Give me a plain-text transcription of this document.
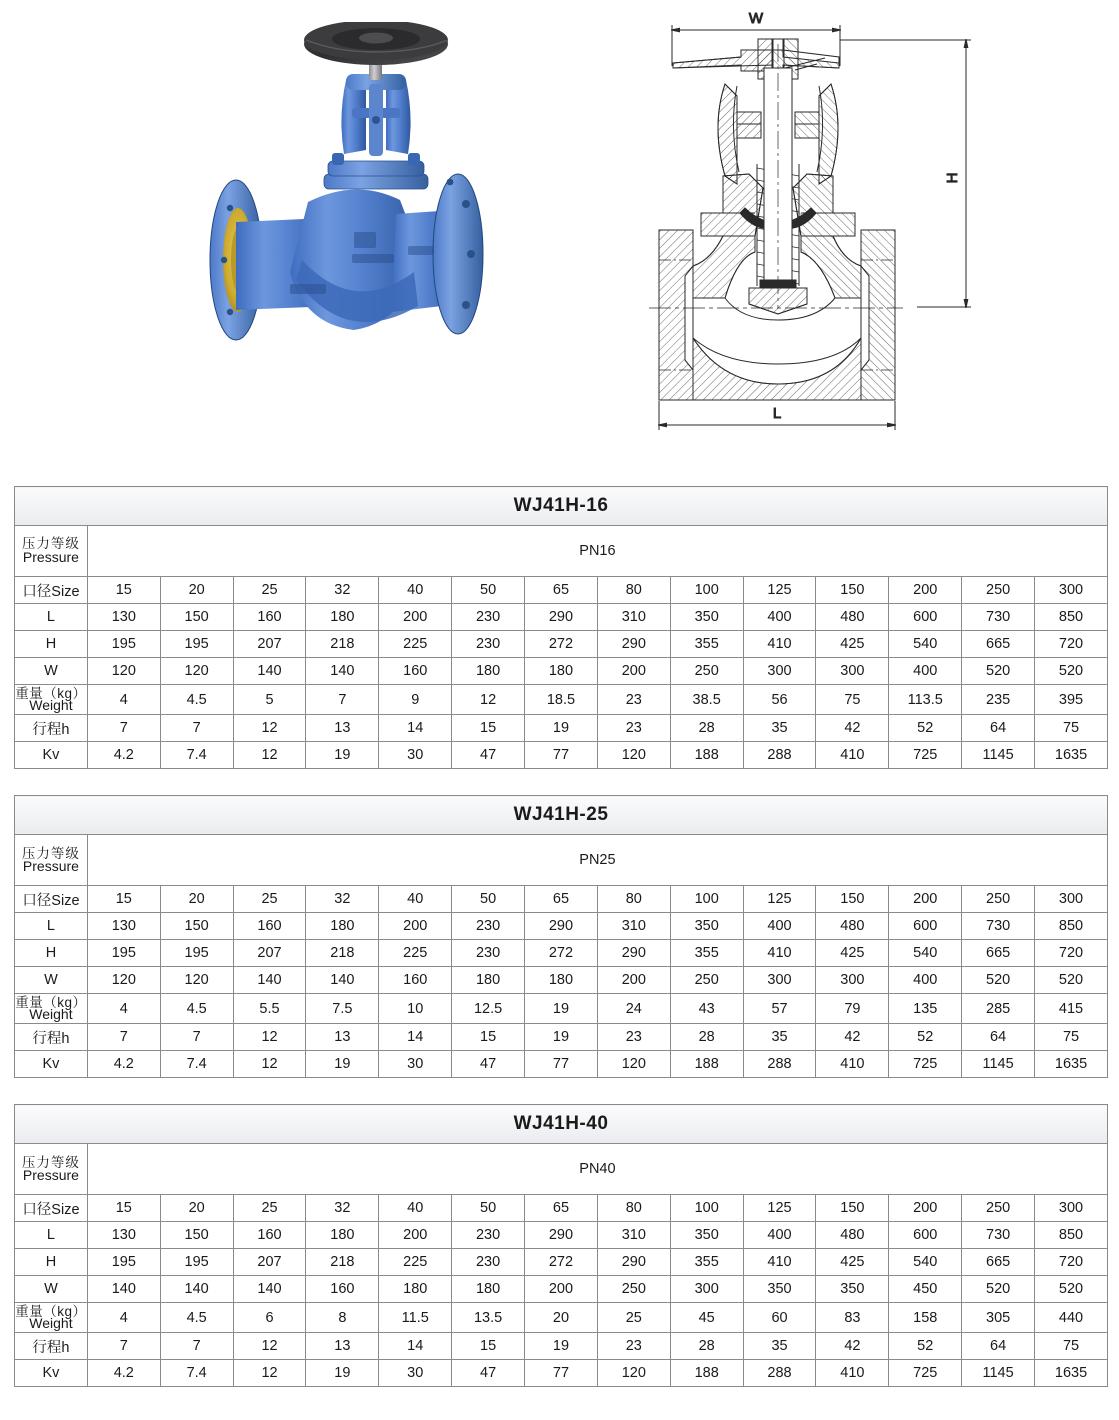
W
H
L
WJ41H-16														

压力等级
Pressure	PN16													
口径Size	15	20	25	32	40	50	65	80	100	125	150	200	250	300
L	130	150	160	180	200	230	290	310	350	400	480	600	730	850
H	195	195	207	218	225	230	272	290	355	410	425	540	665	720
W	120	120	140	140	160	180	180	200	250	300	300	400	520	520

重量（kg）
Weight	4	4.5	5	7	9	12	18.5	23	38.5	56	75	113.5	235	395
行程h	7	7	12	13	14	15	19	23	28	35	42	52	64	75
Kv	4.2	7.4	12	19	30	47	77	120	188	288	410	725	1145	1635
WJ41H-25														

压力等级
Pressure	PN25													
口径Size	15	20	25	32	40	50	65	80	100	125	150	200	250	300
L	130	150	160	180	200	230	290	310	350	400	480	600	730	850
H	195	195	207	218	225	230	272	290	355	410	425	540	665	720
W	120	120	140	140	160	180	180	200	250	300	300	400	520	520

重量（kg）
Weight	4	4.5	5.5	7.5	10	12.5	19	24	43	57	79	135	285	415
行程h	7	7	12	13	14	15	19	23	28	35	42	52	64	75
Kv	4.2	7.4	12	19	30	47	77	120	188	288	410	725	1145	1635
WJ41H-40														

压力等级
Pressure	PN40													
口径Size	15	20	25	32	40	50	65	80	100	125	150	200	250	300
L	130	150	160	180	200	230	290	310	350	400	480	600	730	850
H	195	195	207	218	225	230	272	290	355	410	425	540	665	720
W	140	140	140	160	180	180	200	250	300	350	350	450	520	520

重量（kg）
Weight	4	4.5	6	8	11.5	13.5	20	25	45	60	83	158	305	440
行程h	7	7	12	13	14	15	19	23	28	35	42	52	64	75
Kv	4.2	7.4	12	19	30	47	77	120	188	288	410	725	1145	1635
